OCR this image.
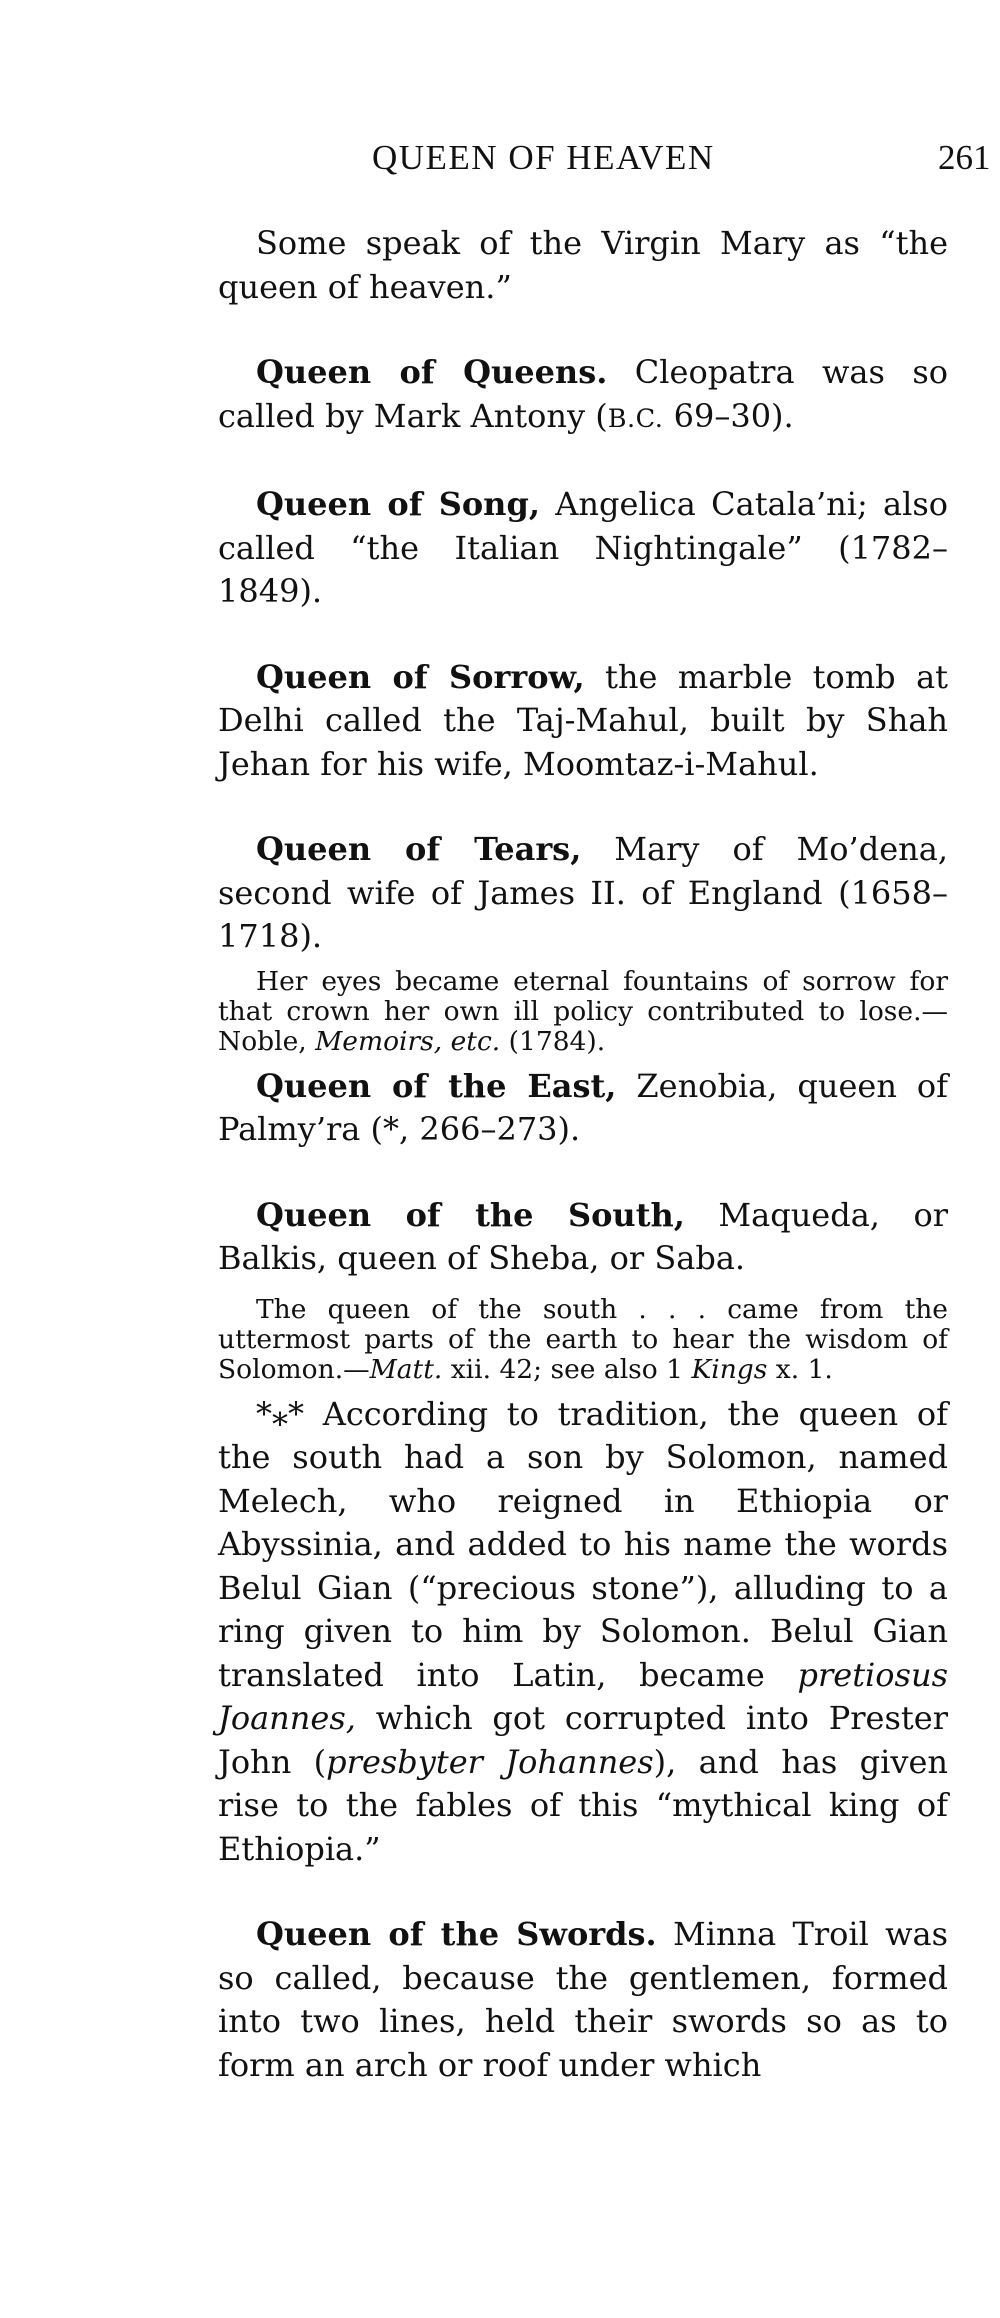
QUEEN OF HEAVEN	261

Some speak of the Virgin Mary as “the queen of heaven.”

Queen of Queens. Cleopatra was so called by Mark Antony (B.C. 69–30).

Queen of Song, Angelica Catala’ni; also called “the Italian Nightingale” (1782–1849).

Queen of Sorrow, the marble tomb at Delhi called the Taj-Mahul, built by Shah Jehan for his wife, Moomtaz-i-Mahul.

Queen of Tears, Mary of Mo’dena, second wife of James II. of England (1658–1718).

Her eyes became eternal fountains of sorrow for that crown her own ill policy contributed to lose.—Noble, Memoirs, etc. (1784).

Queen of the East, Zenobia, queen of Palmy’ra (*, 266–273).

Queen of the South, Maqueda, or Balkis, queen of Sheba, or Saba.

The queen of the south . . . came from the uttermost parts of the earth to hear the wisdom of Solomon.—Matt. xii. 42; see also 1 Kings x. 1.

*⁎* According to tradition, the queen of the south had a son by Solomon, named Melech, who reigned in Ethiopia or Abyssinia, and added to his name the words Belul Gian (“precious stone”), alluding to a ring given to him by Solomon. Belul Gian translated into Latin, became pretiosus Joannes, which got corrupted into Prester John (presbyter Johannes), and has given rise to the fables of this “mythical king of Ethiopia.”

Queen of the Swords. Minna Troil was so called, because the gentlemen, formed into two lines, held their swords so as to form an arch or roof under which
